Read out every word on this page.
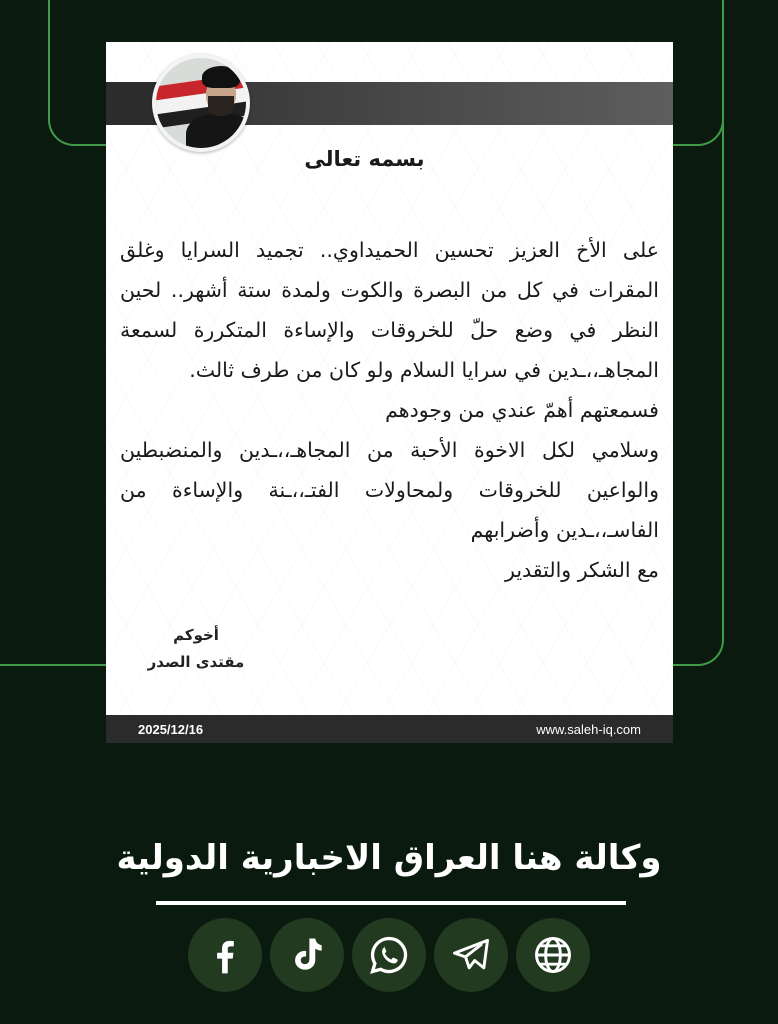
بسمه تعالى

على الأخ العزيز تحسين الحميداوي.. تجميد السرايا وغلق المقرات في كل من البصرة والكوت ولمدة ستة أشهر.. لحين النظر في وضع حلّ للخروقات والإساءة المتكررة لسمعة المجاهـ،،ـدين في سرايا السلام ولو كان من طرف ثالث.

فسمعتهم أهمّ عندي من وجودهم

وسلامي لكل الاخوة الأحبة من المجاهـ،،ـدين والمنضبطين والواعين للخروقات ولمحاولات الفتـ،،ـنة والإساءة من الفاسـ،،ـدين وأضرابهم

مع الشكر والتقدير

أخوكم
مقتدى الصدر
2025/12/16	www.saleh-iq.com
وكالة هنا العراق الاخبارية الدولية
